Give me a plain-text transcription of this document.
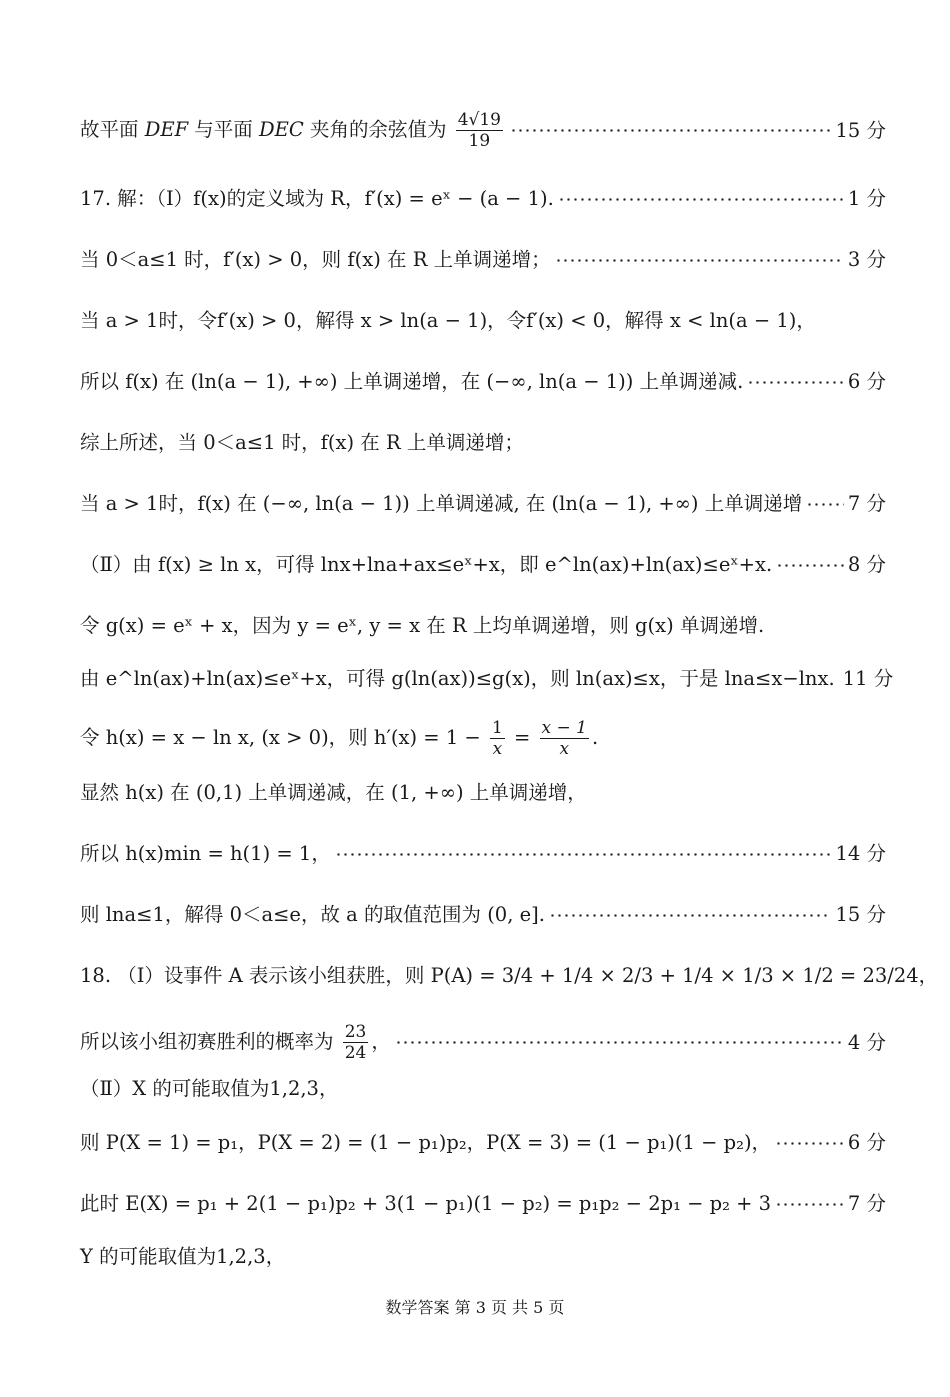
故平面 DEF 与平面 DEC 夹角的余弦值为 $\frac{4√19}{19}$	15 分
17. 解：（Ⅰ）f(x)的定义域为 R，f′(x) = eˣ − (a − 1).	1 分
当 0＜a≤1 时，f′(x) > 0，则 f(x) 在 R 上单调递增；	3 分
当 a > 1时，令f′(x) > 0，解得 x > ln(a − 1)，令f′(x) < 0，解得 x < ln(a − 1)，
所以 f(x) 在 (ln(a − 1), +∞) 上单调递增，在 (−∞, ln(a − 1)) 上单调递减.	6 分
综上所述，当 0＜a≤1 时，f(x) 在 R 上单调递增；
当 a > 1时，f(x) 在 (−∞, ln(a − 1)) 上单调递减, 在 (ln(a − 1), +∞) 上单调递增 7 分
（Ⅱ）由 f(x) ≥ ln x，可得 lnx+lna+ax≤eˣ+x，即 e^ln(ax)+ln(ax)≤eˣ+x.	8 分
令 g(x) = eˣ + x，因为 y = eˣ, y = x 在 R 上均单调递增，则 g(x) 单调递增.
由 e^ln(ax)+ln(ax)≤eˣ+x，可得 g(ln(ax))≤g(x)，则 ln(ax)≤x，于是 lna≤x−lnx. 11 分
令 h(x) = x − ln x, (x > 0)，则 $h'(x) = 1 - \frac{1}{x} = \frac{x - 1}{x}$ .
显然 h(x) 在 (0,1) 上单调递减，在 (1, +∞) 上单调递增，
所以 h(x)min = h(1) = 1，	14 分
则 lna≤1，解得 0＜a≤e，故 a 的取值范围为 (0, e].	15 分
18. （Ⅰ）设事件 A 表示该小组获胜，则 P(A) = 3/4 + 1/4 × 2/3 + 1/4 × 1/3 × 1/2 = 23/24，
所以该小组初赛胜利的概率为 $\frac{23}{24}$ ，	4 分
（Ⅱ）X 的可能取值为1,2,3，
则 P(X = 1) = p₁，P(X = 2) = (1 − p₁)p₂，P(X = 3) = (1 − p₁)(1 − p₂)，	6 分
此时 E(X) = p₁ + 2(1 − p₁)p₂ + 3(1 − p₁)(1 − p₂) = p₁p₂ − 2p₁ − p₂ + 3	7 分
Y 的可能取值为1,2,3，
数学答案 第 3 页 共 5 页
